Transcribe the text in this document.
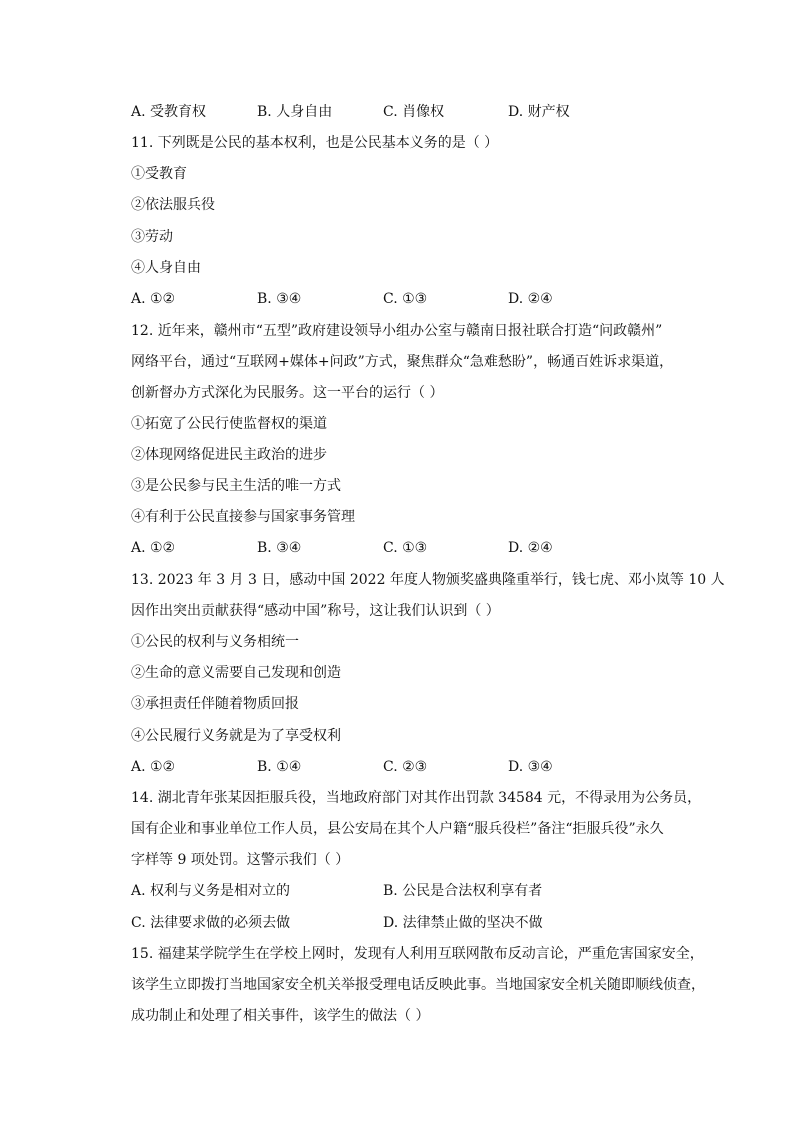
A. 受教育权	B. 人身自由	C. 肖像权	D. 财产权
11. 下列既是公民的基本权利，也是公民基本义务的是（ ）
①受教育
②依法服兵役
③劳动
④人身自由
A. ①②	B. ③④	C. ①③	D. ②④
12. 近年来，赣州市“五型”政府建设领导小组办公室与赣南日报社联合打造“问政赣州”
网络平台，通过“互联网+媒体+问政”方式，聚焦群众“急难愁盼”，畅通百姓诉求渠道，
创新督办方式深化为民服务。这一平台的运行（ ）
①拓宽了公民行使监督权的渠道
②体现网络促进民主政治的进步
③是公民参与民主生活的唯一方式
④有利于公民直接参与国家事务管理
A. ①②	B. ③④	C. ①③	D. ②④
13. 2023 年 3 月 3 日，感动中国 2022 年度人物颁奖盛典隆重举行，钱七虎、邓小岚等 10 人
因作出突出贡献获得“感动中国”称号，这让我们认识到（ ）
①公民的权利与义务相统一
②生命的意义需要自己发现和创造
③承担责任伴随着物质回报
④公民履行义务就是为了享受权利
A. ①②	B. ①④	C. ②③	D. ③④
14. 湖北青年张某因拒服兵役，当地政府部门对其作出罚款 34584 元，不得录用为公务员，
国有企业和事业单位工作人员，县公安局在其个人户籍“服兵役栏”备注“拒服兵役”永久
字样等 9 项处罚。这警示我们（ ）
A. 权利与义务是相对立的	B. 公民是合法权利享有者
C. 法律要求做的必须去做	D. 法律禁止做的坚决不做
15. 福建某学院学生在学校上网时，发现有人利用互联网散布反动言论，严重危害国家安全，
该学生立即拨打当地国家安全机关举报受理电话反映此事。当地国家安全机关随即顺线侦查，
成功制止和处理了相关事件，该学生的做法（ ）
